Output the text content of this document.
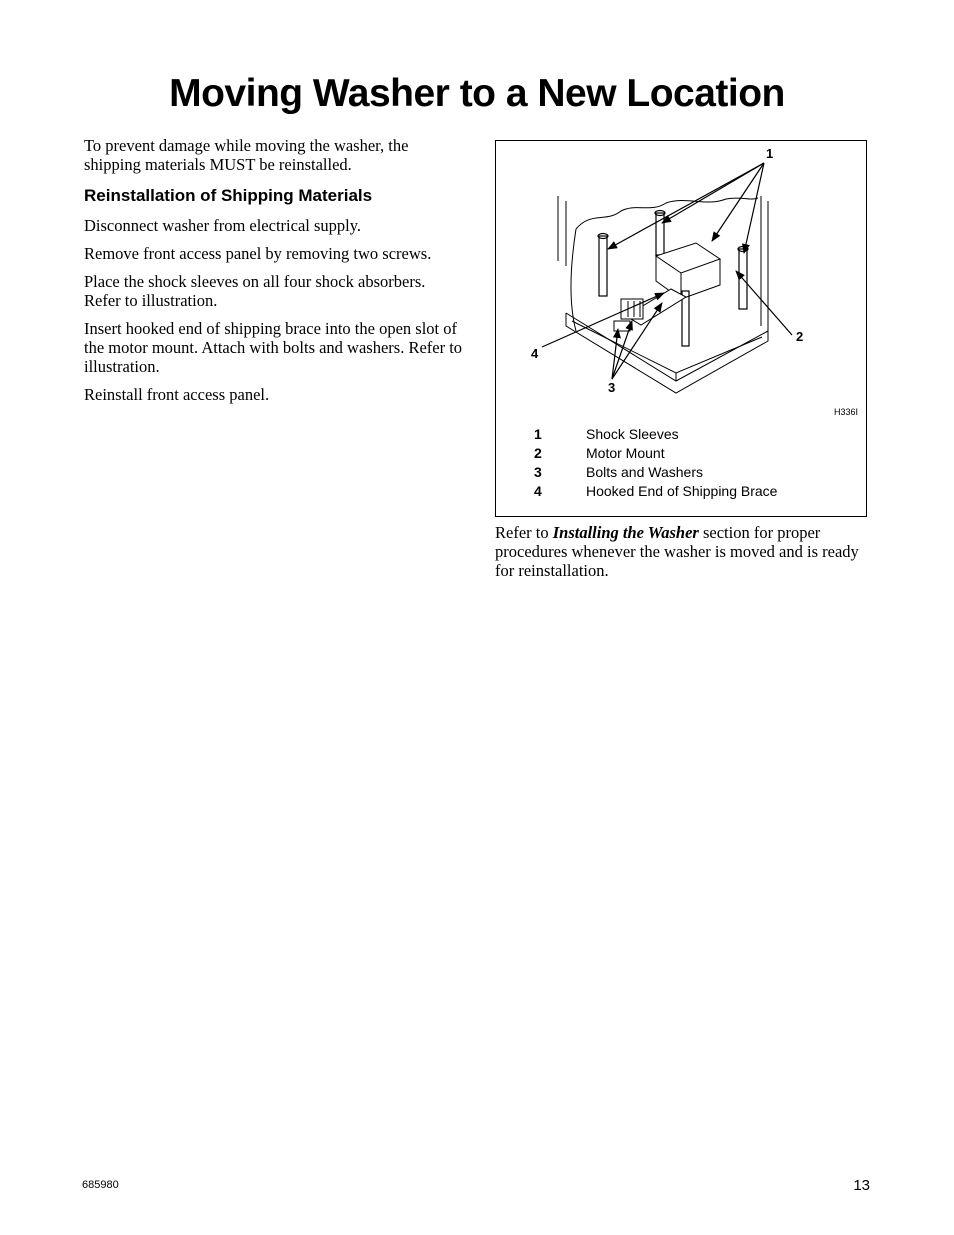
Moving Washer to a New Location

To prevent damage while moving the washer, the shipping materials MUST be reinstalled.

Reinstallation of Shipping Materials

Disconnect washer from electrical supply.

Remove front access panel by removing two screws.

Place the shock sleeves on all four shock absorbers. Refer to illustration.

Insert hooked end of shipping brace into the open slot of the motor mount. Attach with bolts and washers. Refer to illustration.

Reinstall front access panel.

1
2
3
4
H336I
1	Shock Sleeves
2	Motor Mount
3	Bolts and Washers
4	Hooked End of Shipping Brace

Refer to Installing the Washer section for proper procedures whenever the washer is moved and is ready for reinstallation.

685980	13
